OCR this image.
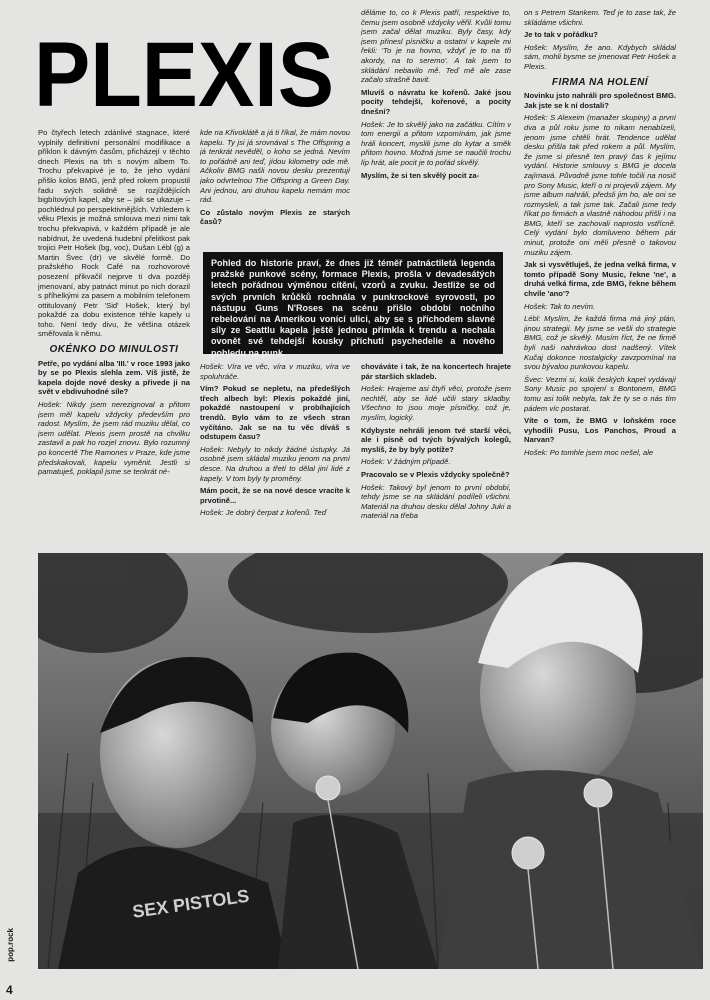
PLEXIS

Po čtyřech letech zdánlivé stagnace, které vyplnily definitivní personální modifikace a příklon k dávným časům, přicházejí v těchto dnech Plexis na trh s novým albem To. Trochu překvapivé je to, že jeho vydání přišlo kolos BMG, jenž před rokem propustil řadu svých solidně se rozjíždějících bigbítových kapel, aby se – jak se ukazuje – pochlédnul po perspektivnějších. Vzhledem k věku Plexis je možná smlouva mezi nimi tak trochu překvapivá, v každém případě je ale nabídnut, že uvedená hudební přelitkost pak trojici Petr Hošek (bg, voc), Dušan Lébl (g) a Martin Švec (dr) ve skvělé formě. Do pražského Rock Café na rozhovorové posezení přikvačil nejprve ti dva později jmenovaní, aby patnáct minut po nich dorazil s příhelkými za pasem a mobilním telefonem ottitulovaný Petr 'Sid' Hošek, který byl pokaždé za dobu existence téhle kapely u toho. Není tedy divu, že většina otázek směřovala k němu.

OKÉNKO DO MINULOSTI

Petře, po vydání alba 'III.' v roce 1993 jako by se po Plexis slehla zem. Víš jistě, že kapela dojde nové desky a přivede ji na svět v ebdivuhodné síle?

Hošek: Nikdy jsem nerezignoval a přitom jsem měl kapelu vždycky především pro radost. Myslím, že jsem rád muziku dělal, co jsem udělat. Plexis jsem prostě na chvilku zastavil a pak ho rozjel znovu. Bylo rozumný po koncertě The Ramones v Praze, kde jsme předskakovali, kapelu vyměnit. Jestli si pamatuješ, poklapil jsme se tenkrát né-

kde na Křivoklátě a já ti říkal, že mám novou kapelu. Ty jsi já srovnával s The Offspring a já tenkrát nevěděl, o koho se jedná. Nevím to pořádně ani teď, jídou kilometry ode mě. Ačkoliv BMG našli novou desku prezentují jako odvrtelnou The Offspring a Green Day. Ani jednou, ani druhou kapelu nemám moc rád.

Co zůstalo novým Plexis ze starých časů?

Hošek: Víra ve věc, víra v muziku, víra ve spoluhráče.

Vím? Pokud se nepletu, na předešlých třech albech byl: Plexis pokaždé jiní, pokaždé nastoupení v probíhajících trendů. Bylo vám to ze všech stran vyčítáno. Jak se na tu věc díváš s odstupem času?

Hošek: Nebyly to nikdy žádné ústupky. Já osobně jsem skládal muziku jenom na první desce. Na druhou a třetí to dělal jiní lidé z kapely. V tom byly ty proměny.

Mám pocit, že se na nové desce vracíte k prvotině...

Hošek: Je dobrý čerpat z kořenů. Teď

děláme to, co k Plexis patří, respektive to, čemu jsem osobně vždycky věřil. Kvůli tomu jsem začal dělat muziku. Byly časy, kdy jsem přinesl písničku a ostatní v kapele mi řekli: 'To je na hovno, vždyť je to na tři akordy, na to seremo'. A tak jsem to skládání nebavilo mě. Teď mě ale zase začalo strašně bavit.

Mluvíš o návratu ke kořenů. Jaké jsou pocity tehdejší, kořenové, a pocity dnešní?

Hošek: Je to skvělý jako na začátku. Cítím v tom energii a přitom vzpomínám, jak jsme hráli koncert, myslili jsme do kytar a směk přitom hovno. Možná jsme se naučili trochu líp hrát, ale pocit je to pořád skvělý.

Myslím, že si ten skvělý pocit za-

chováváte i tak, že na koncertech hrajete pár starších skladeb.

Hošek: Hrajeme asi čtyři věci, protože jsem nechtěl, aby se lidé učili stary skladby. Všechno to jsou moje písničky, což je, myslím, logický.

Kdybyste nehráli jenom tvé starší věci, ale i písně od tvých bývalých kolegů, myslíš, že by byly potíže?

Hošek: V žádným případě.

Pracovalo se v Plexis vždycky společně?

Hošek: Takový byl jenom to první období, tehdy jsme se na skládání podíleli všichni. Materiál na druhou desku dělal Johny Juki a materiál na třeba

on s Petrem Stankem. Teď je to zase tak, že skládáme všichni.

Je to tak v pořádku?

Hošek: Myslím, že ano. Kdybych skládal sám, mohli bysme se jmenovat Petr Hošek a Plexis.

FIRMA NA HOLENÍ

Novinku jsto nahráli pro společnost BMG. Jak jste se k ní dostali?

Hošek: S Alexeim (manažer skupiny) a první dva a půl roku jsme to nikam nenabízeli, jenom jsme chtěli hrát. Tendence udělat desku přišla tak před rokem a půl. Myslím, že jsme si přesně ten pravý čas k jejímu vydání. Historie smlouvy s BMG je docela zajímavá. Původně jsme tohle točili na nosič pro Sony Music, kteří o ni projevili zájem. My jsme album nahráli, předsli jim ho, ale oni se rozmysleli, a tak jsme tak. Začali jsme tedy říkat po firmách a vlastně náhodou přišli i na BMG, kteří se zachovali naprosto vstřícně. Celý vydání bylo domluveno během pár minut, protože oni měli přesně o takovou muziku zájem.

Jak si vysvětluješ, že jedna velká firma, v tomto případě Sony Music, řekne 'ne', a druhá velká firma, zde BMG, řekne během chvíle 'ano'?

Hošek: Tak to nevím.

Lébl: Myslím, že každá firma má jiný plán, jinou strategii. My jsme se vešli do strategie BMG, což je skvělý. Musím říct, že ne firmě byli naši nahrávkou dost nadšený. Vítek Kučaj dokonce nostalgicky zavzpomínal na svou bývalou punkovou kapelu.

Švec: Vezmi si, kolik českých kapel vydávají Sony Music po spojení s Bontonem, BMG tomu asi tolik nebyla, tak že ty se o nás tím pádem víc postarat.

Víte o tom, že BMG v loňském roce vyhodili Pusu, Los Panchos, Proud a Narvan?

Hošek: Po tomhle jsem moc nešel, ale

Pohled do historie praví, že dnes již téměř patnáctiletá legenda pražské punkové scény, formace Plexis, prošla v devadesátých letech pořádnou výměnou cítění, vzorů a zvuku. Jestliže se od svých prvních krůčků rochnála v punkrockové syrovosti, po nástupu Guns N'Roses na scénu přišlo období nočního rebelování na Amerikou vonící ulici, aby se s příchodem slavné síly ze Seattlu kapela ještě jednou přimkla k trendu a nechala ovonět své tehdejší kousky příchutí psychedelie a nového pohledu na punk.
SEX PISTOLS
Plexis, zleva Dušan Lébl (g), Petr Hošek (bg, voc) a Martin Švec (dr) / Foto: BMG
pop.rock
4
